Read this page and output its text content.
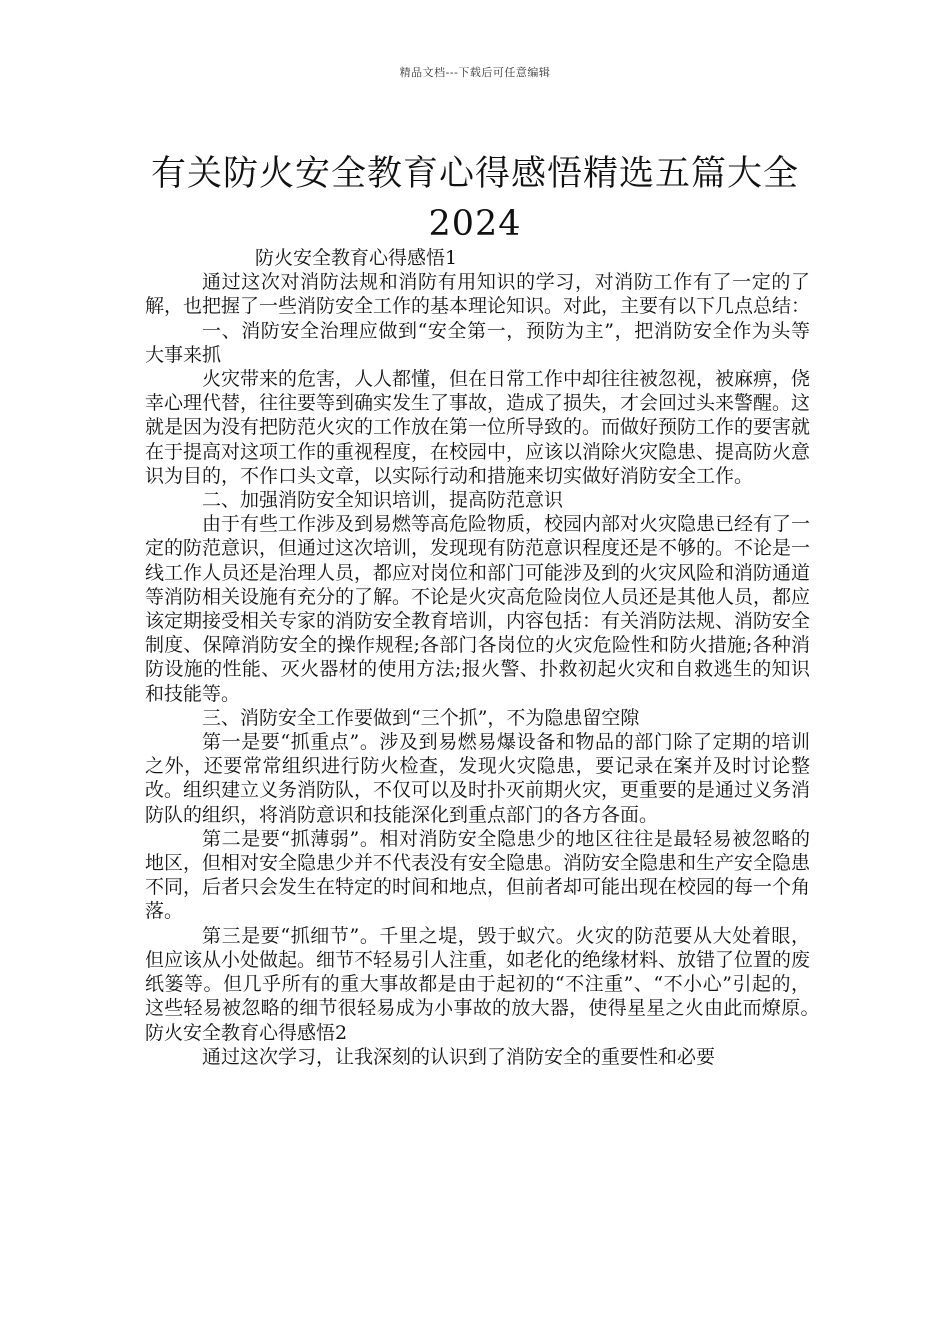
精品文档---下载后可任意编辑
有关防火安全教育心得感悟精选五篇大全2024

防火安全教育心得感悟1

通过这次对消防法规和消防有用知识的学习，对消防工作有了一定的了解，也把握了一些消防安全工作的基本理论知识。对此，主要有以下几点总结：

一、消防安全治理应做到“安全第一，预防为主”，把消防安全作为头等大事来抓

火灾带来的危害，人人都懂，但在日常工作中却往往被忽视，被麻痹，侥幸心理代替，往往要等到确实发生了事故，造成了损失，才会回过头来警醒。这就是因为没有把防范火灾的工作放在第一位所导致的。而做好预防工作的要害就在于提高对这项工作的重视程度，在校园中，应该以消除火灾隐患、提高防火意识为目的，不作口头文章，以实际行动和措施来切实做好消防安全工作。

二、加强消防安全知识培训，提高防范意识

由于有些工作涉及到易燃等高危险物质，校园内部对火灾隐患已经有了一定的防范意识，但通过这次培训，发现现有防范意识程度还是不够的。不论是一线工作人员还是治理人员，都应对岗位和部门可能涉及到的火灾风险和消防通道等消防相关设施有充分的了解。不论是火灾高危险岗位人员还是其他人员，都应该定期接受相关专家的消防安全教育培训，内容包括：有关消防法规、消防安全制度、保障消防安全的操作规程;各部门各岗位的火灾危险性和防火措施;各种消防设施的性能、灭火器材的使用方法;报火警、扑救初起火灾和自救逃生的知识和技能等。

三、消防安全工作要做到“三个抓”，不为隐患留空隙

第一是要“抓重点”。涉及到易燃易爆设备和物品的部门除了定期的培训之外，还要常常组织进行防火检查，发现火灾隐患，要记录在案并及时讨论整改。组织建立义务消防队，不仅可以及时扑灭前期火灾，更重要的是通过义务消防队的组织，将消防意识和技能深化到重点部门的各方各面。

第二是要“抓薄弱”。相对消防安全隐患少的地区往往是最轻易被忽略的地区，但相对安全隐患少并不代表没有安全隐患。消防安全隐患和生产安全隐患不同，后者只会发生在特定的时间和地点，但前者却可能出现在校园的每一个角落。

第三是要“抓细节”。千里之堤，毁于蚁穴。火灾的防范要从大处着眼，但应该从小处做起。细节不轻易引人注重，如老化的绝缘材料、放错了位置的废纸篓等。但几乎所有的重大事故都是由于起初的“不注重”、“不小心”引起的，这些轻易被忽略的细节很轻易成为小事故的放大器，使得星星之火由此而燎原。　　防火安全教育心得感悟2

通过这次学习，让我深刻的认识到了消防安全的重要性和必要
